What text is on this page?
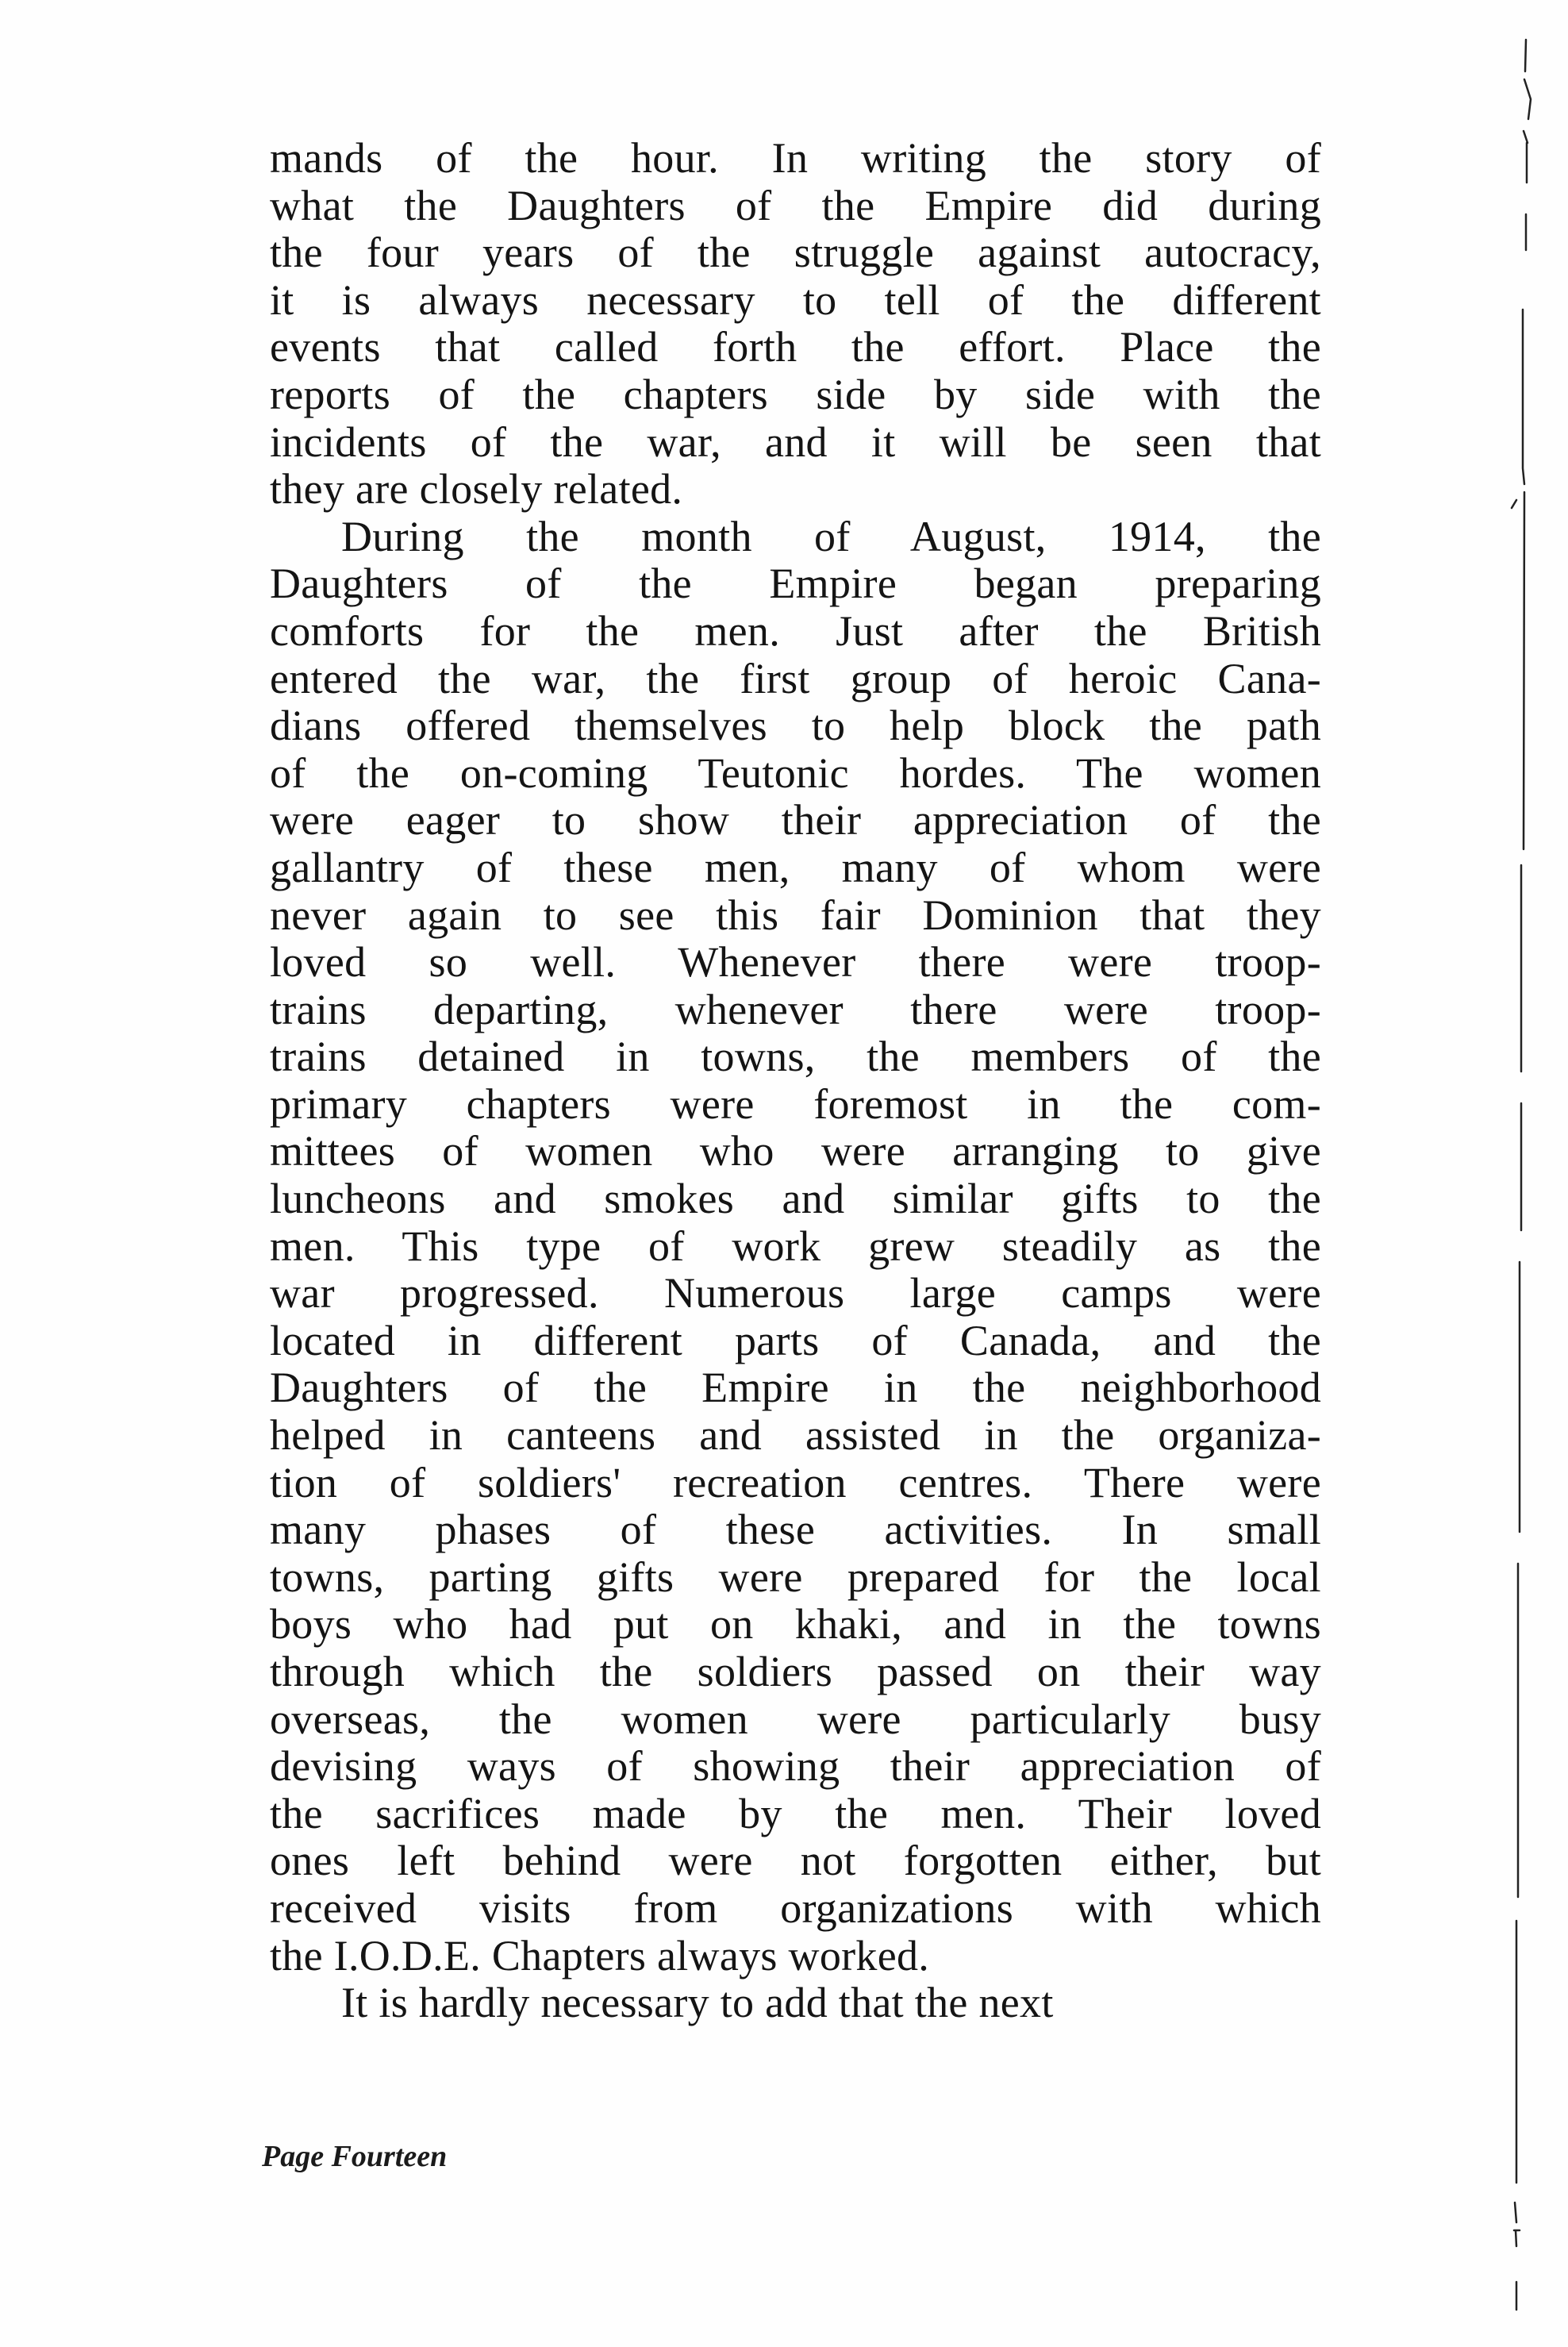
mands of the hour. In writing the story of
what the Daughters of the Empire did during
the four years of the struggle against autocracy,
it is always necessary to tell of the different
events that called forth the effort. Place the
reports of the chapters side by side with the
incidents of the war, and it will be seen that
they are closely related.
During the month of August, 1914, the
Daughters of the Empire began preparing
comforts for the men. Just after the British
entered the war, the first group of heroic Cana-
dians offered themselves to help block the path
of the on-coming Teutonic hordes. The women
were eager to show their appreciation of the
gallantry of these men, many of whom were
never again to see this fair Dominion that they
loved so well. Whenever there were troop-
trains departing, whenever there were troop-
trains detained in towns, the members of the
primary chapters were foremost in the com-
mittees of women who were arranging to give
luncheons and smokes and similar gifts to the
men. This type of work grew steadily as the
war progressed. Numerous large camps were
located in different parts of Canada, and the
Daughters of the Empire in the neighborhood
helped in canteens and assisted in the organiza-
tion of soldiers' recreation centres. There were
many phases of these activities. In small
towns, parting gifts were prepared for the local
boys who had put on khaki, and in the towns
through which the soldiers passed on their way
overseas, the women were particularly busy
devising ways of showing their appreciation of
the sacrifices made by the men. Their loved
ones left behind were not forgotten either, but
received visits from organizations with which
the I.O.D.E. Chapters always worked.
It is hardly necessary to add that the next
Page Fourteen
